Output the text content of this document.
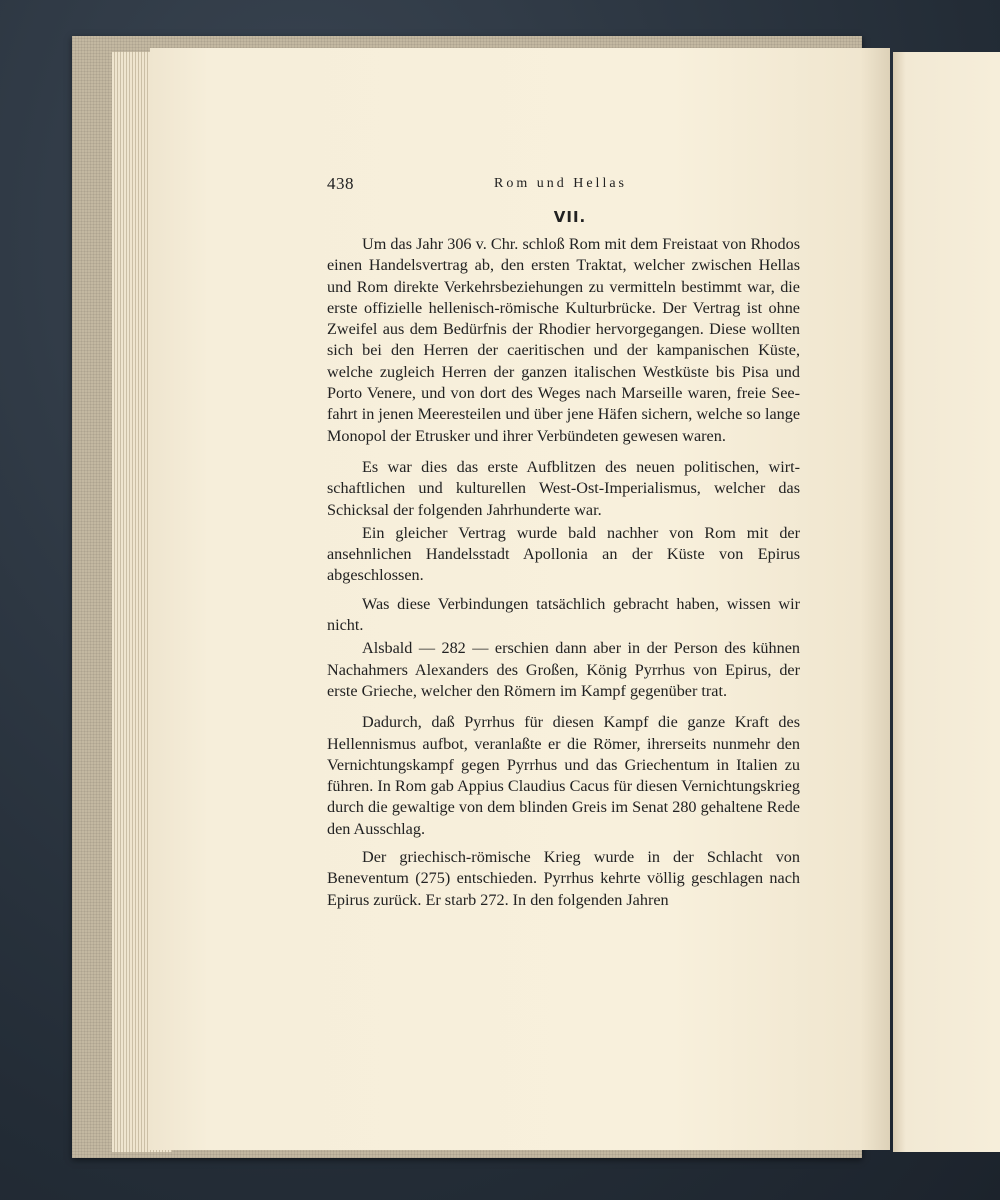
438	Rom und Hellas
VII.

Um das Jahr 306 v. Chr. schloß Rom mit dem Freistaat von Rhodos einen Handelsvertrag ab, den ersten Traktat, welcher zwischen Hellas und Rom direkte Verkehrsbeziehungen zu vermitteln bestimmt war, die erste offizielle hellenisch-römische Kulturbrücke. Der Vertrag ist ohne Zweifel aus dem Bedürfnis der Rhodier hervorgegangen. Diese wollten sich bei den Herren der caeritischen und der kampanischen Küste, welche zugleich Herren der ganzen italischen Westküste bis Pisa und Porto Venere, und von dort des Weges nach Marseille waren, freie Seefahrt in jenen Meeresteilen und über jene Häfen sichern, welche so lange Monopol der Etrusker und ihrer Verbündeten gewesen waren.

Es war dies das erste Aufblitzen des neuen politischen, wirtschaftlichen und kulturellen West-Ost-Imperialismus, welcher das Schicksal der folgenden Jahrhunderte war.

Ein gleicher Vertrag wurde bald nachher von Rom mit der ansehnlichen Handelsstadt Apollonia an der Küste von Epirus abgeschlossen.

Was diese Verbindungen tatsächlich gebracht haben, wissen wir nicht.

Alsbald — 282 — erschien dann aber in der Person des kühnen Nachahmers Alexanders des Großen, König Pyrrhus von Epirus, der erste Grieche, welcher den Römern im Kampf gegenüber trat.

Dadurch, daß Pyrrhus für diesen Kampf die ganze Kraft des Hellennismus aufbot, veranlaßte er die Römer, ihrerseits nunmehr den Vernichtungskampf gegen Pyrrhus und das Griechentum in Italien zu führen. In Rom gab Appius Claudius Cacus für diesen Vernichtungskrieg durch die gewaltige von dem blinden Greis im Senat 280 gehaltene Rede den Ausschlag.

Der griechisch-römische Krieg wurde in der Schlacht von Beneventum (275) entschieden. Pyrrhus kehrte völlig geschlagen nach Epirus zurück. Er starb 272. In den folgenden Jahren
